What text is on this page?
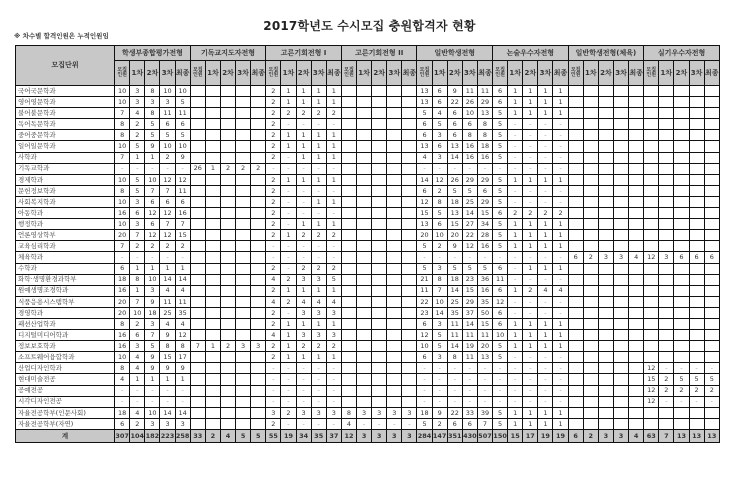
2017학년도 수시모집 충원합격자 현황
※ 차수별 합격인원은 누적인원임
모집단위	학생부종합평가전형					기독교지도자전형					고른기회전형 I					고른기회전형 II					일반학생전형					논술우수자전형					일반학생전형(체육)					실기우수자전형				

	모집인원	1차	2차	3차	최종	모집인원	1차	2차	3차	최종	모집인원	1차	2차	3차	최종	모집인원	1차	2차	3차	최종	모집인원	1차	2차	3차	최종	모집인원	1차	2차	3차	최종	모집인원	1차	2차	3차	최종	모집인원	1차	2차	3차	최종
국어국문학과	10	3	8	10	10						2	1	1	1	1						13	6	9	11	11	6	1	1	1	1										
영어영문학과	10	3	3	3	5						2	1	1	1	1						13	6	22	26	29	6	1	1	1	1										
불어불문학과	7	4	8	11	11						2	2	2	2	2						5	4	6	10	13	5	1	1	1	1										
독어독문학과	8	2	5	6	6						2	-	-	-	-						6	5	6	6	8	5	-	-	-	-										
중어중문학과	8	2	5	5	5						2	1	1	1	1						6	3	6	8	8	5	-	-	-	-										
일어일문학과	10	5	9	10	10						2	1	1	1	1						13	6	13	16	18	5	-	-	-	-										
사학과	7	1	1	2	9						2	-	1	1	1						4	3	14	16	16	5	-	-	-	-										
기독교학과	-	-	-	-	-	26	1	2	2	2	-	-	-	-	-						-	-	-	-	-	-	-	-	-	-										
경제학과	10	5	10	12	12						2	1	1	1	1						14	12	26	29	29	5	1	1	1	1										
문헌정보학과	8	5	7	7	11						2	-	-	-	-						6	2	5	5	6	5	-	-	-	-										
사회복지학과	10	3	6	6	6						2	-	-	1	1						12	8	18	25	29	5	-	-	-	-										
아동학과	16	6	12	12	16						2	-	-	-	-						15	5	13	14	15	6	2	2	2	2										
행정학과	10	3	6	7	7						2	-	1	1	1						13	6	15	27	34	5	1	1	1	1										
언론영상학부	20	7	12	12	15						2	1	2	2	2						20	10	20	22	28	5	1	1	1	1										
교육심리학과	7	2	2	2	2						-	-	-	-	-						5	2	9	12	16	5	1	1	1	1										
체육학과	-	-	-	-	-						-	-	-	-	-						-	-	-	-	-	-	-	-	-	-	6	2	3	3	4	12	3	6	6	6
수학과	6	1	1	1	1						2	-	2	2	2						5	3	5	5	5	6	-	1	1	1										
화학·생명환경과학부	18	8	10	14	14						4	2	3	3	5						21	8	18	23	36	11	-	-	-	-										
원예생명조경학과	16	1	3	4	4						2	1	1	1	1						11	7	14	15	16	6	1	2	4	4										
식품응용시스템학부	20	7	9	11	11						4	2	4	4	4						22	10	25	29	35	12	-	-	-	-										
경영학과	20	10	18	25	35						2	-	3	3	3						23	14	35	37	50	6	-	-	-	-										
패션산업학과	8	2	3	4	4						2	1	1	1	1						6	3	11	14	15	6	1	1	1	1										
디지털미디어학과	16	6	7	9	12						4	1	3	3	3						12	5	11	11	11	10	1	1	1	1										
정보보호학과	16	3	5	8	8	7	1	2	3	3	2	1	2	2	2						10	5	14	19	20	5	1	1	1	1										
소프트웨어융합학과	10	4	9	15	17						2	1	1	1	1						6	3	8	11	13	5	-	-	-	-										
산업디자인학과	8	4	9	9	9						-	-	-	-	-						-	-	-	-	-	-	-	-	-	-						12	-	-	-	-
현대미술전공	4	1	1	1	1						-	-	-	-	-						-	-	-	-	-	-	-	-	-	-						15	2	5	5	5
공예전공	-	-	-	-	-						-	-	-	-	-						-	-	-	-	-	-	-	-	-	-						12	2	2	2	2
시각디자인전공	-	-	-	-	-						-	-	-	-	-						-	-	-	-	-	-	-	-	-	-						12	-	-	-	-
자율전공학부(인문사회)	18	4	10	14	14						3	2	3	3	3	8	3	3	3	3	18	9	22	33	39	5	1	1	1	1										
자율전공학부(자연)	6	2	3	3	3						2	-	-	-	-	4	-	-	-	-	5	2	6	6	7	5	1	1	1	1										
계	307	104	182	223	258	33	2	4	5	5	55	19	34	35	37	12	3	3	3	3	284	147	351	430	507	150	15	17	19	19	6	2	3	3	4	63	7	13	13	13
